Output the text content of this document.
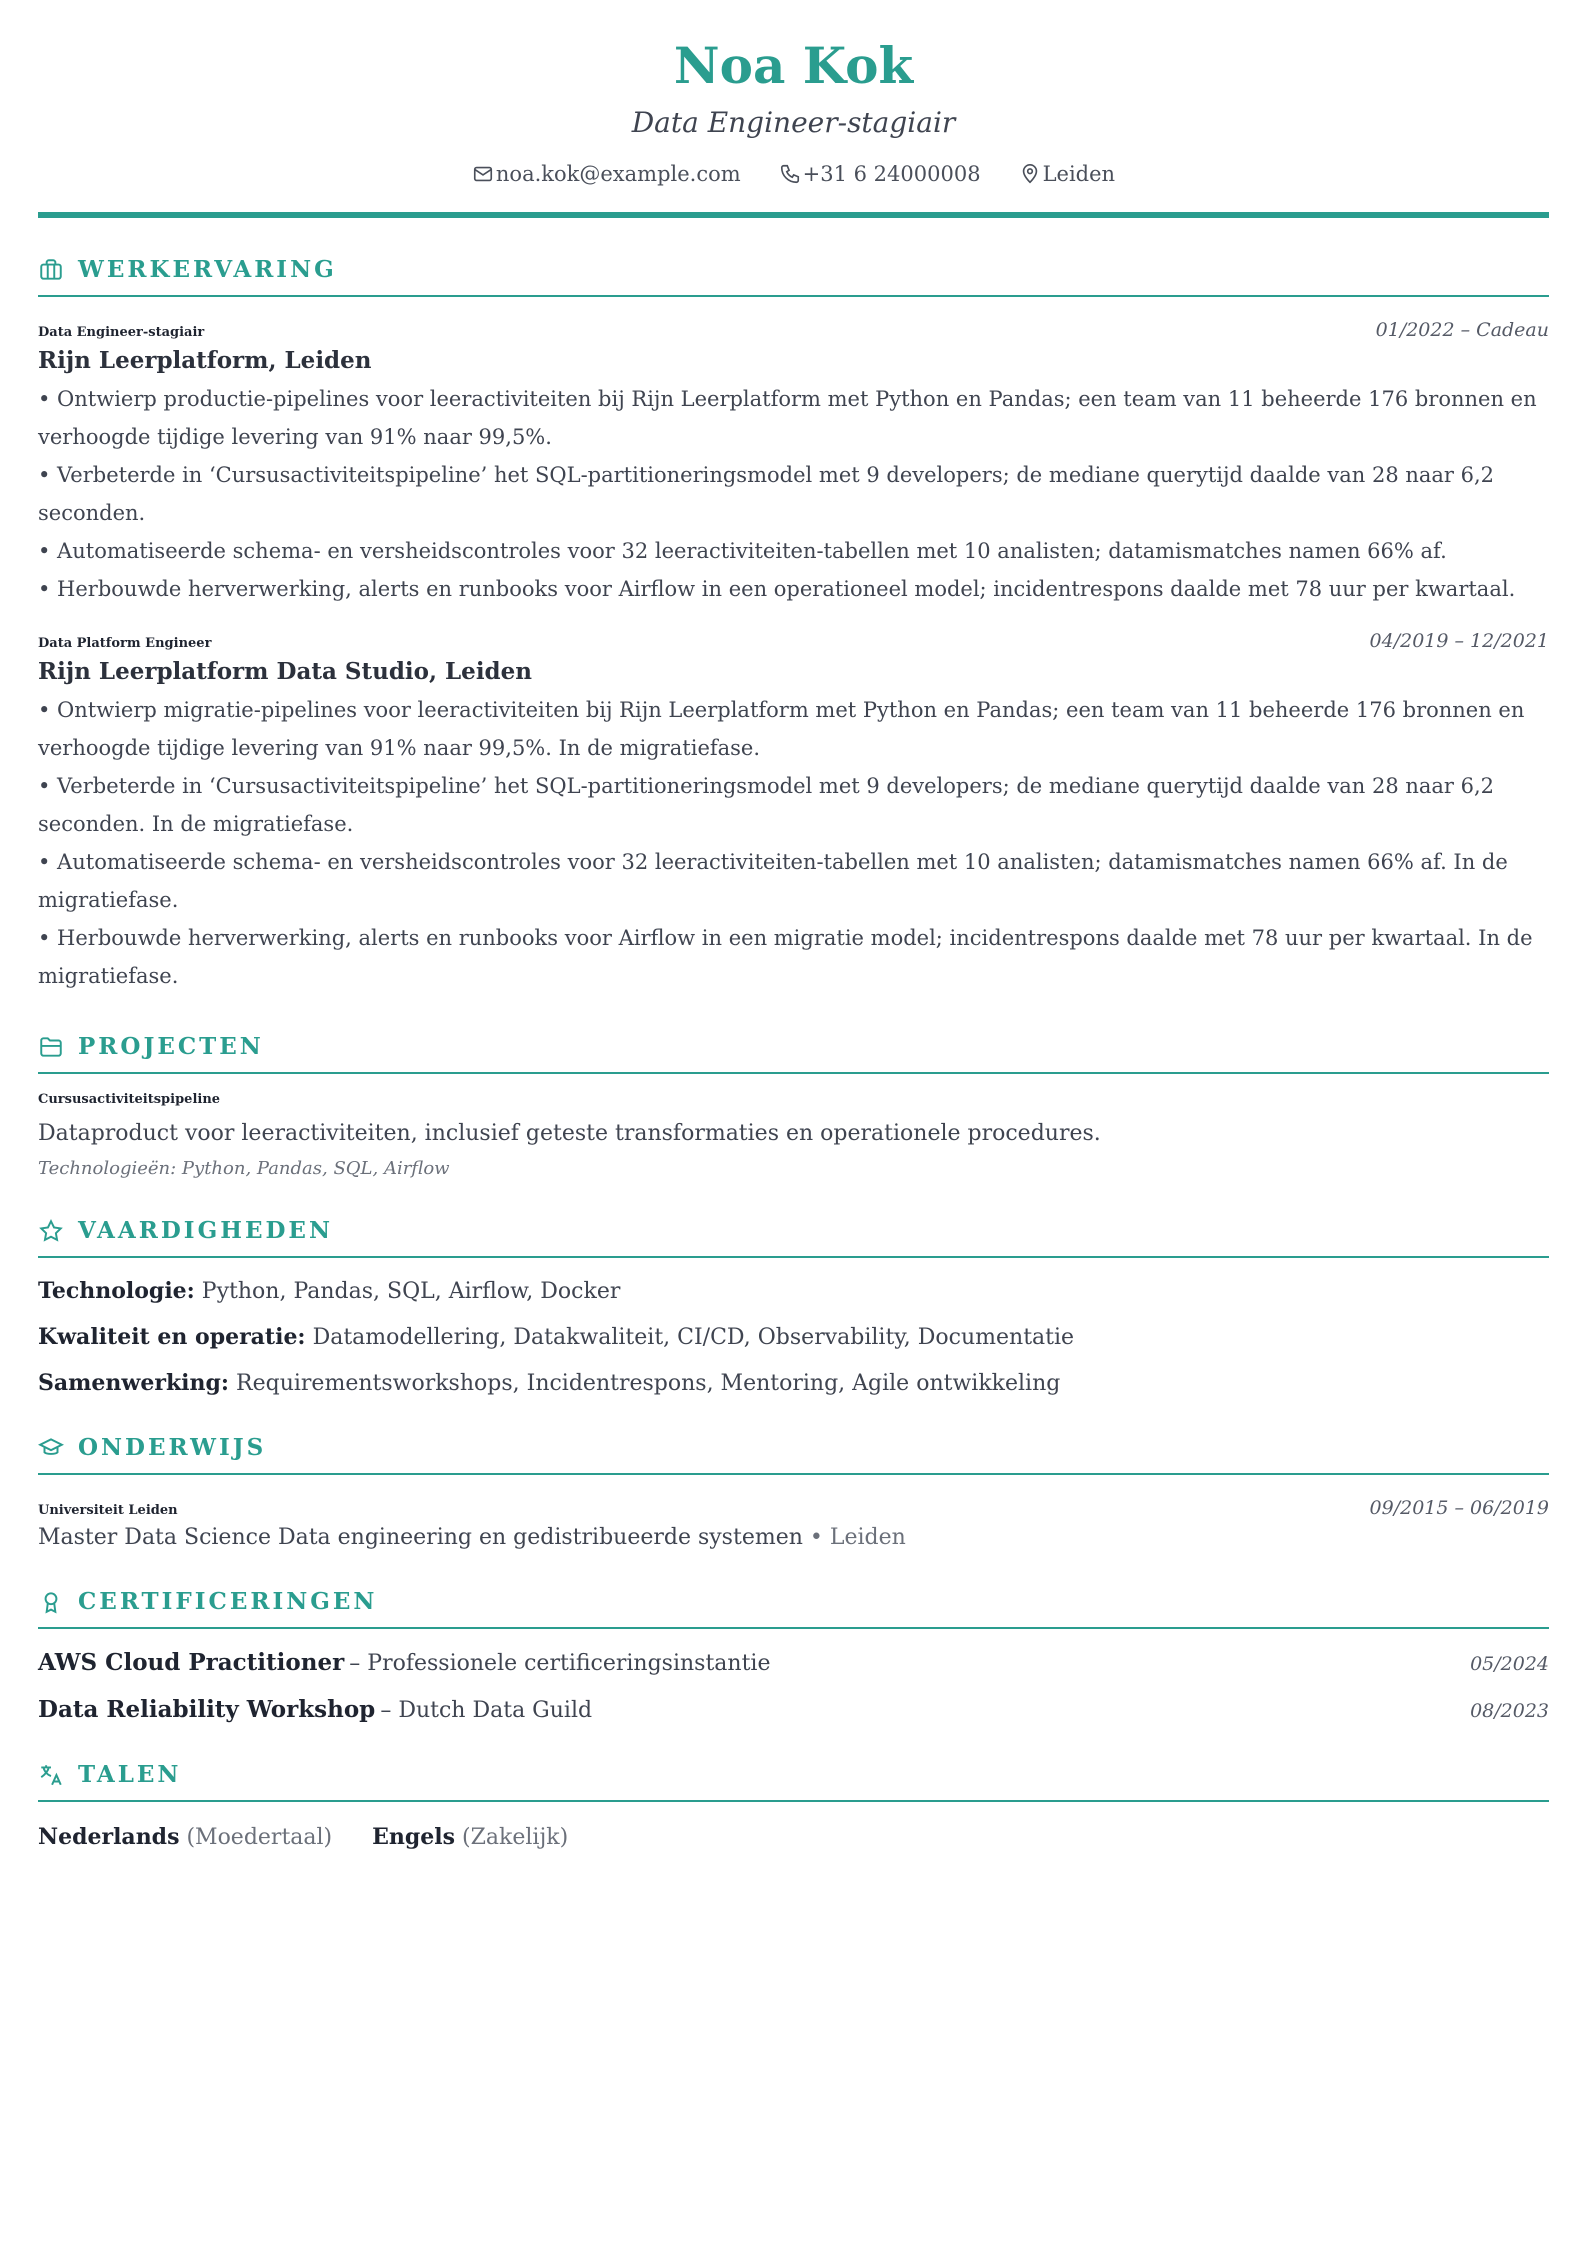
Noa Kok
Data Engineer-stagiair
noa.kok@example.com	+31 6 24000008	Leiden
WERKERVARING
Data Engineer-stagiair	01/2022 – Cadeau
Rijn Leerplatform, Leiden
• Ontwierp productie-pipelines voor leeractiviteiten bij Rijn Leerplatform met Python en Pandas; een team van 11 beheerde 176 bronnen en verhoogde tijdige levering van 91% naar 99,5%.
• Verbeterde in ‘Cursusactiviteitspipeline’ het SQL-partitioneringsmodel met 9 developers; de mediane querytijd daalde van 28 naar 6,2 seconden.
• Automatiseerde schema- en versheidscontroles voor 32 leeractiviteiten-tabellen met 10 analisten; datamismatches namen 66% af.
• Herbouwde herverwerking, alerts en runbooks voor Airflow in een operationeel model; incidentrespons daalde met 78 uur per kwartaal.
Data Platform Engineer	04/2019 – 12/2021
Rijn Leerplatform Data Studio, Leiden
• Ontwierp migratie-pipelines voor leeractiviteiten bij Rijn Leerplatform met Python en Pandas; een team van 11 beheerde 176 bronnen en verhoogde tijdige levering van 91% naar 99,5%. In de migratiefase.
• Verbeterde in ‘Cursusactiviteitspipeline’ het SQL-partitioneringsmodel met 9 developers; de mediane querytijd daalde van 28 naar 6,2 seconden. In de migratiefase.
• Automatiseerde schema- en versheidscontroles voor 32 leeractiviteiten-tabellen met 10 analisten; datamismatches namen 66% af. In de migratiefase.
• Herbouwde herverwerking, alerts en runbooks voor Airflow in een migratie model; incidentrespons daalde met 78 uur per kwartaal. In de migratiefase.
PROJECTEN
Cursusactiviteitspipeline
Dataproduct voor leeractiviteiten, inclusief geteste transformaties en operationele procedures.
Technologieën: Python, Pandas, SQL, Airflow
VAARDIGHEDEN
Technologie: Python, Pandas, SQL, Airflow, Docker
Kwaliteit en operatie: Datamodellering, Datakwaliteit, CI/CD, Observability, Documentatie
Samenwerking: Requirementsworkshops, Incidentrespons, Mentoring, Agile ontwikkeling
ONDERWIJS
Universiteit Leiden	09/2015 – 06/2019
Master Data Science Data engineering en gedistribueerde systemen • Leiden
CERTIFICERINGEN
AWS Cloud Practitioner – Professionele certificeringsinstantie	05/2024
Data Reliability Workshop – Dutch Data Guild	08/2023
TALEN
Nederlands (Moedertaal) Engels (Zakelijk)
